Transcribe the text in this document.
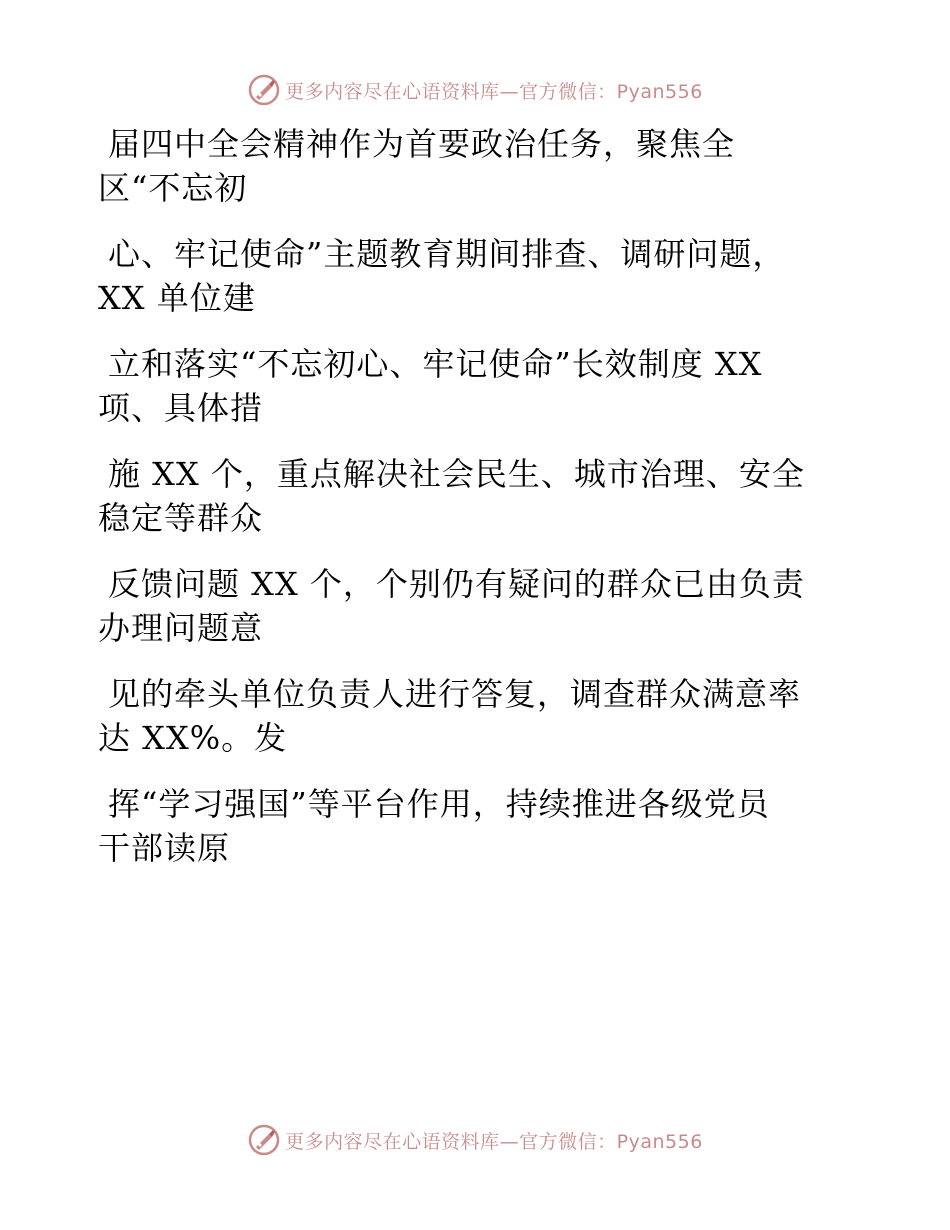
更多内容尽在心语资料库—官方微信：Pyan556
届四中全会精神作为首要政治任务，聚焦全
区“不忘初
心、牢记使命”主题教育期间排查、调研问题，
XX 单位建
立和落实“不忘初心、牢记使命”长效制度 XX
项、具体措
施 XX 个，重点解决社会民生、城市治理、安全
稳定等群众
反馈问题 XX 个，个别仍有疑问的群众已由负责
办理问题意
见的牵头单位负责人进行答复，调查群众满意率
达 XX%。发
挥“学习强国”等平台作用，持续推进各级党员
干部读原
更多内容尽在心语资料库—官方微信：Pyan556
